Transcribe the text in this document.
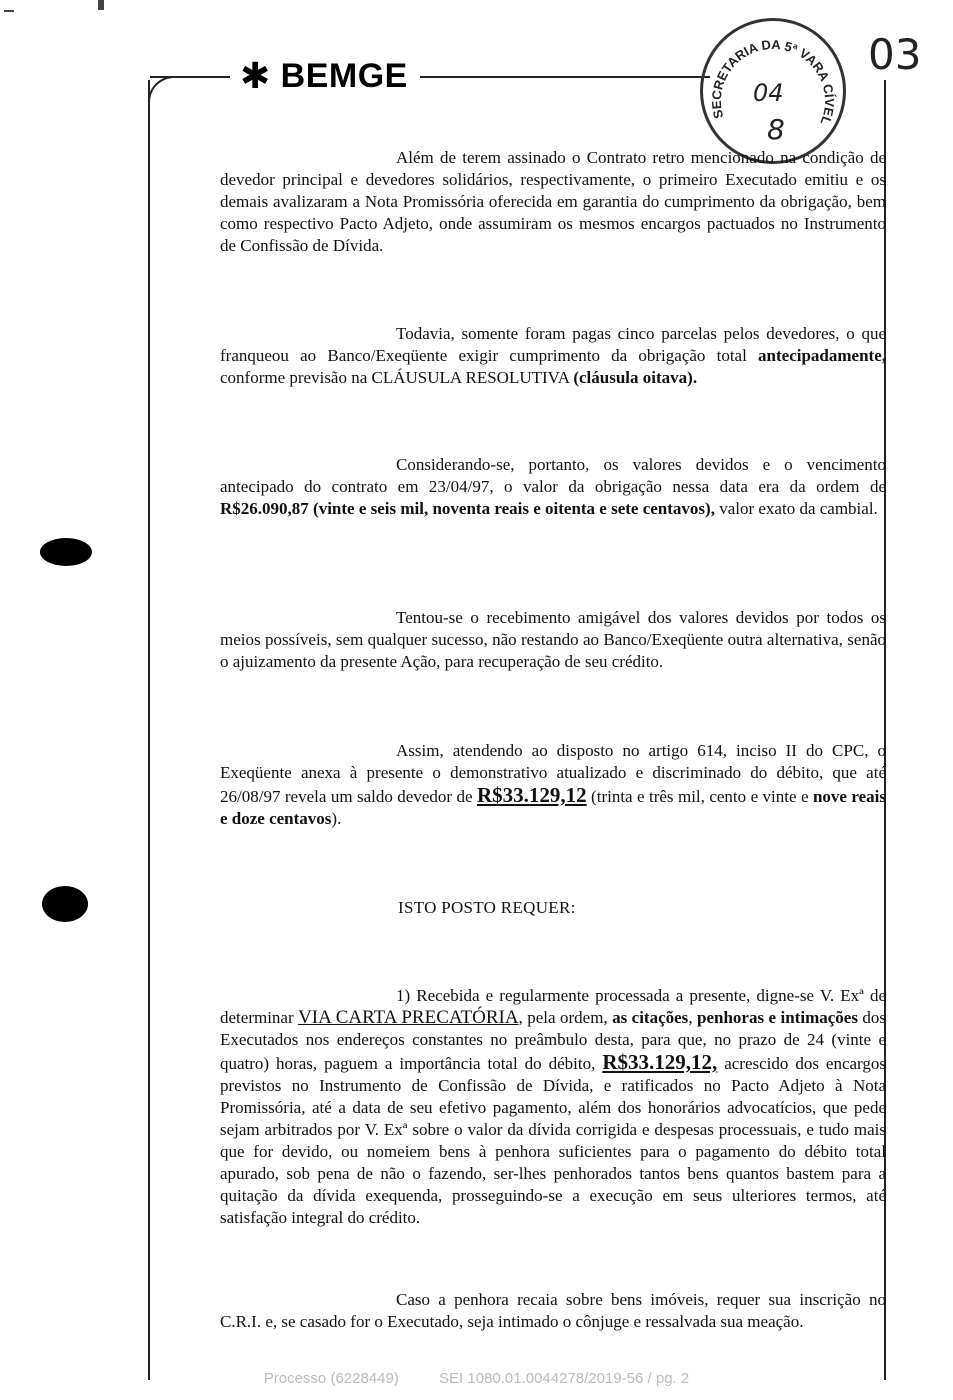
✱ BEMGE
SECRETARIA DA 5ª VARA CÍVEL
04
8
03
Além de terem assinado o Contrato retro mencionado na condição de devedor principal e devedores solidários, respectivamente, o primeiro Executado emitiu e os demais avalizaram a Nota Promissória oferecida em garantia do cumprimento da obrigação, bem como respectivo Pacto Adjeto, onde assumiram os mesmos encargos pactuados no Instrumento de Confissão de Dívida.
Todavia, somente foram pagas cinco parcelas pelos devedores, o que franqueou ao Banco/Exeqüente exigir cumprimento da obrigação total antecipadamente, conforme previsão na CLÁUSULA RESOLUTIVA (cláusula oitava).
Considerando-se, portanto, os valores devidos e o vencimento antecipado do contrato em 23/04/97, o valor da obrigação nessa data era da ordem de R$26.090,87 (vinte e seis mil, noventa reais e oitenta e sete centavos), valor exato da cambial.
Tentou-se o recebimento amigável dos valores devidos por todos os meios possíveis, sem qualquer sucesso, não restando ao Banco/Exeqüente outra alternativa, senão o ajuizamento da presente Ação, para recuperação de seu crédito.
Assim, atendendo ao disposto no artigo 614, inciso II do CPC, o Exeqüente anexa à presente o demonstrativo atualizado e discriminado do débito, que até 26/08/97 revela um saldo devedor de R$33.129,12 (trinta e três mil, cento e vinte e nove reais e doze centavos).
ISTO POSTO REQUER:
1) Recebida e regularmente processada a presente, digne-se V. Exª de determinar VIA CARTA PRECATÓRIA, pela ordem, as citações, penhoras e intimações dos Executados nos endereços constantes no preâmbulo desta, para que, no prazo de 24 (vinte e quatro) horas, paguem a importância total do débito, R$33.129,12, acrescido dos encargos previstos no Instrumento de Confissão de Dívida, e ratificados no Pacto Adjeto à Nota Promissória, até a data de seu efetivo pagamento, além dos honorários advocatícios, que pede sejam arbitrados por V. Exª sobre o valor da dívida corrigida e despesas processuais, e tudo mais que for devido, ou nomeiem bens à penhora suficientes para o pagamento do débito total apurado, sob pena de não o fazendo, ser-lhes penhorados tantos bens quantos bastem para a quitação da dívida exequenda, prosseguindo-se a execução em seus ulteriores termos, até satisfação integral do crédito.
Caso a penhora recaia sobre bens imóveis, requer sua inscrição no C.R.I. e, se casado for o Executado, seja intimado o cônjuge e ressalvada sua meação.
Processo (6228449)	SEI 1080.01.0044278/2019-56 / pg. 2
